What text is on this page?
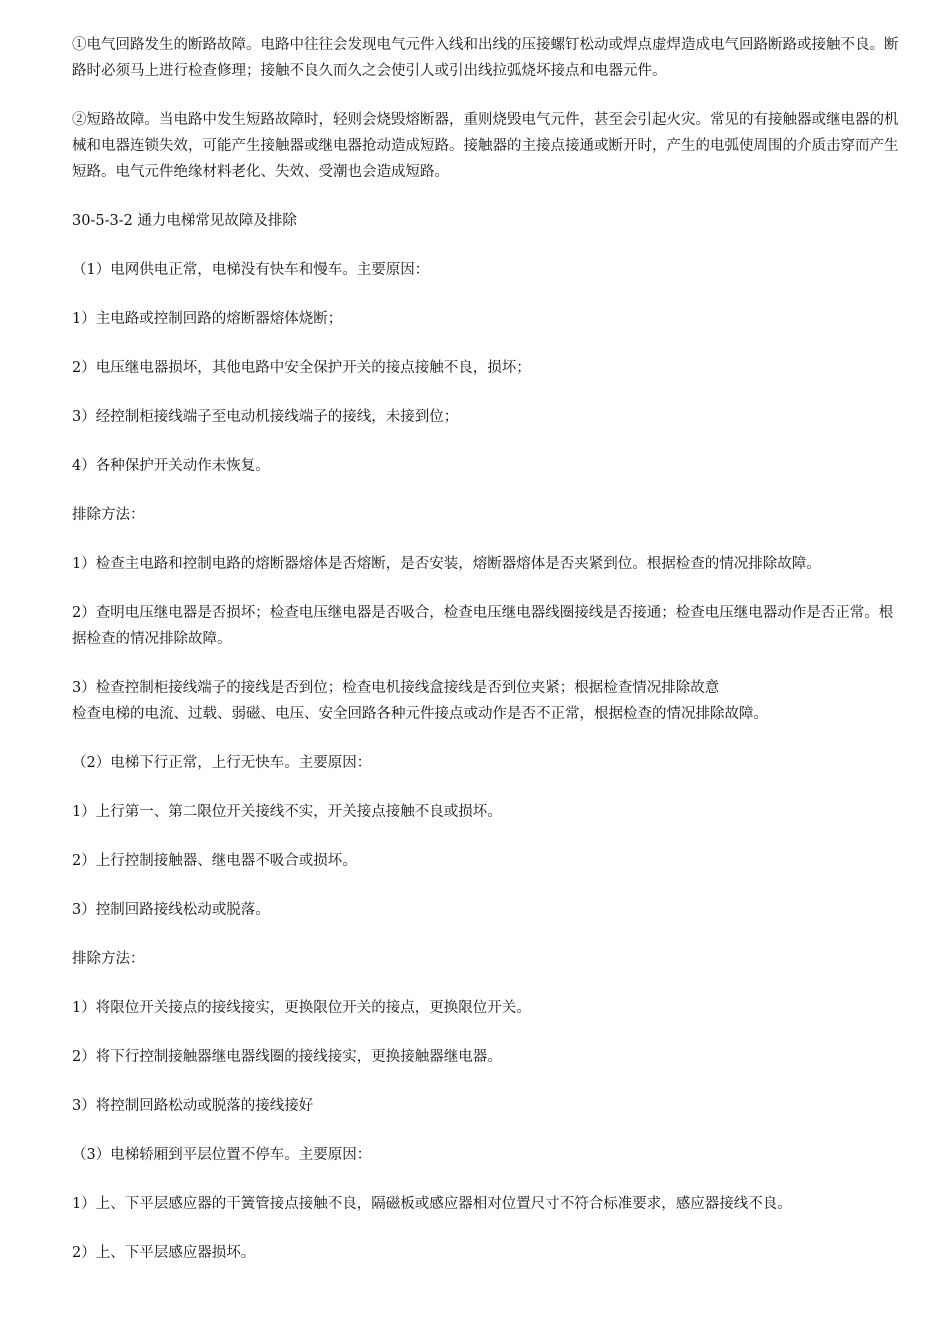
①电气回路发生的断路故障。电路中往往会发现电气元件入线和出线的压接螺钉松动或焊点虚焊造成电气回路断路或接触不良。断路时必须马上进行检查修理；接触不良久而久之会使引人或引出线拉弧烧坏接点和电器元件。

②短路故障。当电路中发生短路故障时，轻则会烧毁熔断器，重则烧毁电气元件，甚至会引起火灾。常见的有接触器或继电器的机械和电器连锁失效，可能产生接触器或继电器抢动造成短路。接触器的主接点接通或断开时，产生的电弧使周围的介质击穿而产生短路。电气元件绝缘材料老化、失效、受潮也会造成短路。

30-5-3-2 通力电梯常见故障及排除

（1）电网供电正常，电梯没有快车和慢车。主要原因：

1）主电路或控制回路的熔断器熔体烧断；

2）电压继电器损坏，其他电路中安全保护开关的接点接触不良，损坏；

3）经控制柜接线端子至电动机接线端子的接线，未接到位；

4）各种保护开关动作未恢复。

排除方法：

1）检查主电路和控制电路的熔断器熔体是否熔断，是否安装，熔断器熔体是否夹紧到位。根据检查的情况排除故障。

2）查明电压继电器是否损坏；检查电压继电器是否吸合，检查电压继电器线圈接线是否接通；检查电压继电器动作是否正常。根据检查的情况排除故障。

3）检查控制柜接线端子的接线是否到位；检查电机接线盒接线是否到位夹紧；根据检查情况排除故意

检查电梯的电流、过载、弱磁、电压、安全回路各种元件接点或动作是否不正常，根据检查的情况排除故障。

（2）电梯下行正常，上行无快车。主要原因：

1）上行第一、第二限位开关接线不实，开关接点接触不良或损坏。

2）上行控制接触器、继电器不吸合或损坏。

3）控制回路接线松动或脱落。

排除方法：

1）将限位开关接点的接线接实，更换限位开关的接点，更换限位开关。

2）将下行控制接触器继电器线圈的接线接实，更换接触器继电器。

3）将控制回路松动或脱落的接线接好

（3）电梯轿厢到平层位置不停车。主要原因：

1）上、下平层感应器的干簧管接点接触不良，隔磁板或感应器相对位置尺寸不符合标准要求，感应器接线不良。

2）上、下平层感应器损坏。
